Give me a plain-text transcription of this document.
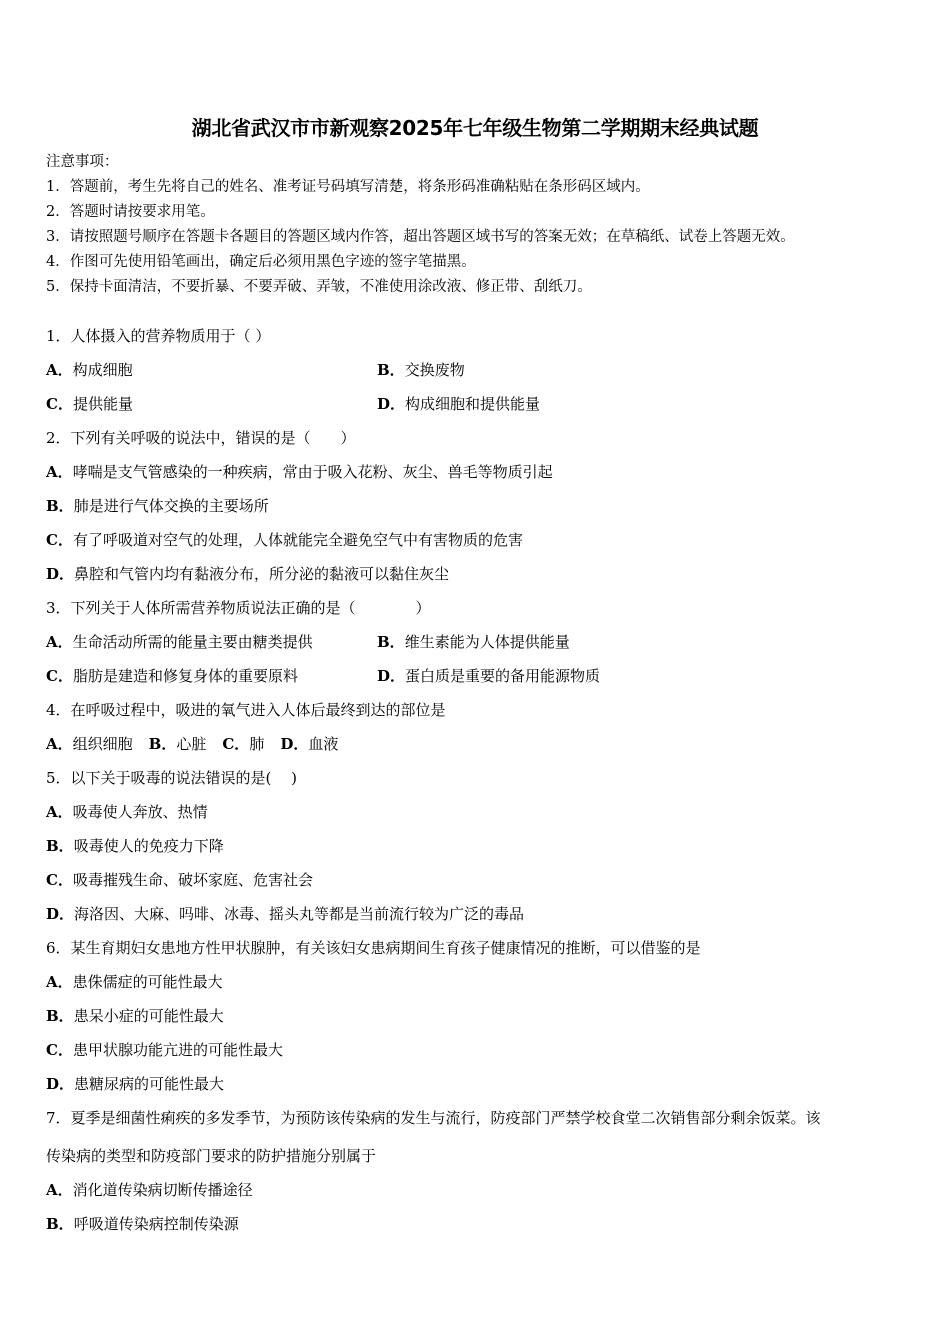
湖北省武汉市市新观察2025年七年级生物第二学期期末经典试题
注意事项：
1．答题前，考生先将自己的姓名、准考证号码填写清楚，将条形码准确粘贴在条形码区域内。
2．答题时请按要求用笔。
3．请按照题号顺序在答题卡各题目的答题区域内作答，超出答题区域书写的答案无效；在草稿纸、试卷上答题无效。
4．作图可先使用铅笔画出，确定后必须用黑色字迹的签字笔描黑。
5．保持卡面清洁，不要折暴、不要弄破、弄皱，不准使用涂改液、修正带、刮纸刀。
1．人体摄入的营养物质用于（ ）
A．构成细胞	B．交换废物
C．提供能量	D．构成细胞和提供能量
2．下列有关呼吸的说法中，错误的是（　　）
A．哮喘是支气管感染的一种疾病，常由于吸入花粉、灰尘、兽毛等物质引起
B．肺是进行气体交换的主要场所
C．有了呼吸道对空气的处理，人体就能完全避免空气中有害物质的危害
D．鼻腔和气管内均有黏液分布，所分泌的黏液可以黏住灰尘
3．下列关于人体所需营养物质说法正确的是（　　　　）
A．生命活动所需的能量主要由糖类提供	B．维生素能为人体提供能量
C．脂肪是建造和修复身体的重要原料	D．蛋白质是重要的备用能源物质
4．在呼吸过程中，吸进的氧气进入人体后最终到达的部位是
A．组织细胞 B．心脏 C．肺 D．血液
5．以下关于吸毒的说法错误的是(　 )
A．吸毒使人奔放、热情
B．吸毒使人的免疫力下降
C．吸毒摧残生命、破坏家庭、危害社会
D．海洛因、大麻、吗啡、冰毒、摇头丸等都是当前流行较为广泛的毒品
6．某生育期妇女患地方性甲状腺肿，有关该妇女患病期间生育孩子健康情况的推断，可以借鉴的是
A．患侏儒症的可能性最大
B．患呆小症的可能性最大
C．患甲状腺功能亢进的可能性最大
D．患糖尿病的可能性最大
7．夏季是细菌性痢疾的多发季节，为预防该传染病的发生与流行，防疫部门严禁学校食堂二次销售部分剩余饭菜。该
传染病的类型和防疫部门要求的防护措施分别属于
A．消化道传染病切断传播途径
B．呼吸道传染病控制传染源
